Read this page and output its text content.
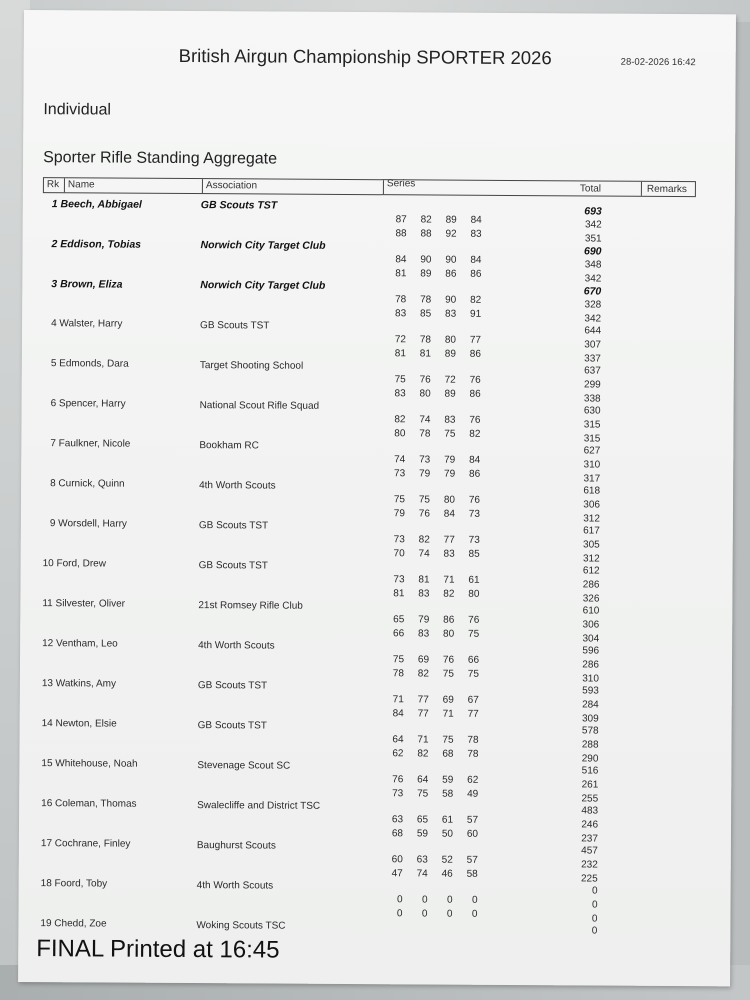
British Airgun Championship SPORTER 2026	28-02-2026 16:42
Individual
Sporter Rifle Standing Aggregate
Rk Name	Association	Series	Total	Remarks
1 Beech, Abbigael	GB Scouts TST	693
87	82	89	84	342
88	88	92	83	351
2 Eddison, Tobias	Norwich City Target Club	690
84	90	90	84	348
81	89	86	86	342
3 Brown, Eliza	Norwich City Target Club	670
78	78	90	82	328
83	85	83	91	342
4 Walster, Harry	GB Scouts TST	644
72	78	80	77	307
81	81	89	86	337
5 Edmonds, Dara	Target Shooting School	637
75	76	72	76	299
83	80	89	86	338
6 Spencer, Harry	National Scout Rifle Squad	630
82	74	83	76	315
80	78	75	82	315
7 Faulkner, Nicole	Bookham RC	627
74	73	79	84	310
73	79	79	86	317
8 Curnick, Quinn	4th Worth Scouts	618
75	75	80	76	306
79	76	84	73	312
9 Worsdell, Harry	GB Scouts TST	617
73	82	77	73	305
70	74	83	85	312
10 Ford, Drew	GB Scouts TST	612
73	81	71	61	286
81	83	82	80	326
11 Silvester, Oliver	21st Romsey Rifle Club	610
65	79	86	76	306
66	83	80	75	304
12 Ventham, Leo	4th Worth Scouts	596
75	69	76	66	286
78	82	75	75	310
13 Watkins, Amy	GB Scouts TST	593
71	77	69	67	284
84	77	71	77	309
14 Newton, Elsie	GB Scouts TST	578
64	71	75	78	288
62	82	68	78	290
15 Whitehouse, Noah	Stevenage Scout SC	516
76	64	59	62	261
73	75	58	49	255
16 Coleman, Thomas	Swalecliffe and District TSC	483
63	65	61	57	246
68	59	50	60	237
17 Cochrane, Finley	Baughurst Scouts	457
60	63	52	57	232
47	74	46	58	225
18 Foord, Toby	4th Worth Scouts	0
0	0	0	0	0
0	0	0	0	0
19 Chedd, Zoe	Woking Scouts TSC	0
FINAL Printed at 16:45
